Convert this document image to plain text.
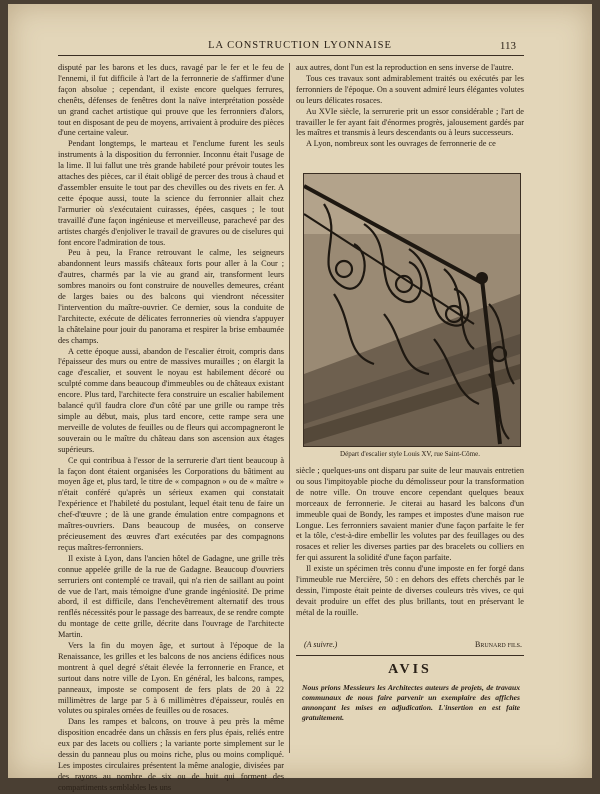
LA CONSTRUCTION LYONNAISE	113

disputé par les barons et les ducs, ravagé par le fer et le feu de l'ennemi, il fut difficile à l'art de la ferronnerie de s'affirmer d'une façon absolue ; cependant, il existe encore quelques ferrures, chenêts, défenses de fenêtres dont la naïve interprétation possède un grand cachet artistique qui prouve que les ferronniers d'alors, tout en disposant de peu de moyens, arrivaient à produire des pièces d'une certaine valeur.

Pendant longtemps, le marteau et l'enclume furent les seuls instruments à la disposition du ferronnier. Inconnu était l'usage de la lime. Il lui fallut une très grande habileté pour prévoir toutes les attaches des pièces, car il était obligé de percer des trous à chaud et d'assembler ensuite le tout par des chevilles ou des rivets en fer. A cette époque aussi, toute la science du ferronnier allait chez l'armurier où s'exécutaient cuirasses, épées, casques ; le tout travaillé d'une façon ingénieuse et merveilleuse, parachevé par des artistes chargés d'enjoliver le travail de gravures ou de ciselures qui font encore l'admiration de tous.

Peu à peu, la France retrouvant le calme, les seigneurs abandonnent leurs massifs châteaux forts pour aller à la Cour ; d'autres, charmés par la vie au grand air, transforment leurs sombres manoirs ou font construire de nouvelles demeures, créant de larges baies ou des balcons qui viendront nécessiter l'intervention du maître-ouvrier. Ce dernier, sous la conduite de l'architecte, exécute de délicates ferronneries où viendra s'appuyer la châtelaine pour jouir du panorama et respirer la brise embaumée des champs.

A cette époque aussi, abandon de l'escalier étroit, compris dans l'épaisseur des murs ou entre de massives murailles ; on élargit la cage d'escalier, et souvent le noyau est habilement décoré ou sculpté comme dans beaucoup d'immeubles ou de châteaux existant encore. Plus tard, l'architecte fera construire un escalier habilement balancé qu'il faudra clore d'un côté par une grille ou rampe très simple au début, mais, plus tard encore, cette rampe sera une merveille de volutes de feuilles ou de fleurs qui accompagneront le souverain ou le maître du château dans son ascension aux étages supérieurs.

Ce qui contribua à l'essor de la serrurerie d'art tient beaucoup à la façon dont étaient organisées les Corporations du bâtiment au moyen âge et, plus tard, le titre de « compagnon » ou de « maître » n'était conféré qu'après un sérieux examen qui constatait l'expérience et l'habileté du postulant, lequel était tenu de faire un chef-d'œuvre ; de là une grande émulation entre compagnons et maîtres-ouvriers. Dans beaucoup de musées, on conserve précieusement des œuvres d'art exécutées par des compagnons reçus maîtres-ferronniers.

Il existe à Lyon, dans l'ancien hôtel de Gadagne, une grille très connue appelée grille de la rue de Gadagne. Beaucoup d'ouvriers serruriers ont contemplé ce travail, qui n'a rien de saillant au point de vue de l'art, mais témoigne d'une grande ingéniosité. De prime abord, il est difficile, dans l'enchevêtrement alternatif des trous renflés nécessités pour le passage des barreaux, de se rendre compte du montage de cette grille, décrite dans l'ouvrage de l'architecte Martin.

Vers la fin du moyen âge, et surtout à l'époque de la Renaissance, les grilles et les balcons de nos anciens édifices nous montrent à quel degré s'était élevée la ferronnerie en France, et surtout dans notre ville de Lyon. En général, les balcons, rampes, panneaux, imposte se composent de fers plats de 20 à 22 millimètres de large par 5 à 6 millimètres d'épaisseur, roulés en volutes ou spirales ornées de feuilles ou de rosaces.

Dans les rampes et balcons, on trouve à peu près la même disposition encadrée dans un châssis en fers plus épais, reliés entre eux par des lacets ou colliers ; la variante porte simplement sur le dessin du panneau plus ou moins riche, plus ou moins compliqué. Les impostes circulaires présentent la même analogie, divisées par des rayons au nombre de six ou de huit qui forment des compartiments semblables les uns

aux autres, dont l'un est la reproduction en sens inverse de l'autre.

Tous ces travaux sont admirablement traités ou exécutés par les ferronniers de l'époque. On a souvent admiré leurs élégantes volutes ou leurs délicates rosaces.

Au XVIe siècle, la serrurerie prit un essor considérable ; l'art de travailler le fer ayant fait d'énormes progrès, jalousement gardés par les maîtres et transmis à leurs descendants ou à leurs successeurs.

A Lyon, nombreux sont les ouvrages de ferronnerie de ce

Départ d'escalier style Louis XV, rue Saint-Côme.

siècle ; quelques-uns ont disparu par suite de leur mauvais entretien ou sous l'impitoyable pioche du démolisseur pour la transformation de notre ville. On trouve encore cependant quelques beaux morceaux de ferronnerie. Je citerai au hasard les balcons d'un immeuble quai de Bondy, les rampes et impostes d'une maison rue Longue. Les ferronniers savaient manier d'une façon parfaite le fer et la tôle, c'est-à-dire embellir les volutes par des feuillages ou des rosaces et relier les diverses parties par des bracelets ou colliers en fer qui assurent la solidité d'une façon parfaite.

Il existe un spécimen très connu d'une imposte en fer forgé dans l'immeuble rue Mercière, 50 : en dehors des effets cherchés par le dessin, l'imposte était peinte de diverses couleurs très vives, ce qui devait produire un effet des plus brillants, tout en préservant le métal de la rouille.

(A suivre.)	Brunard fils.
AVIS
Nous prions Messieurs les Architectes auteurs de projets, de travaux communaux de nous faire parvenir un exemplaire des affiches annonçant les mises en adjudication. L'insertion en est faite gratuitement.
